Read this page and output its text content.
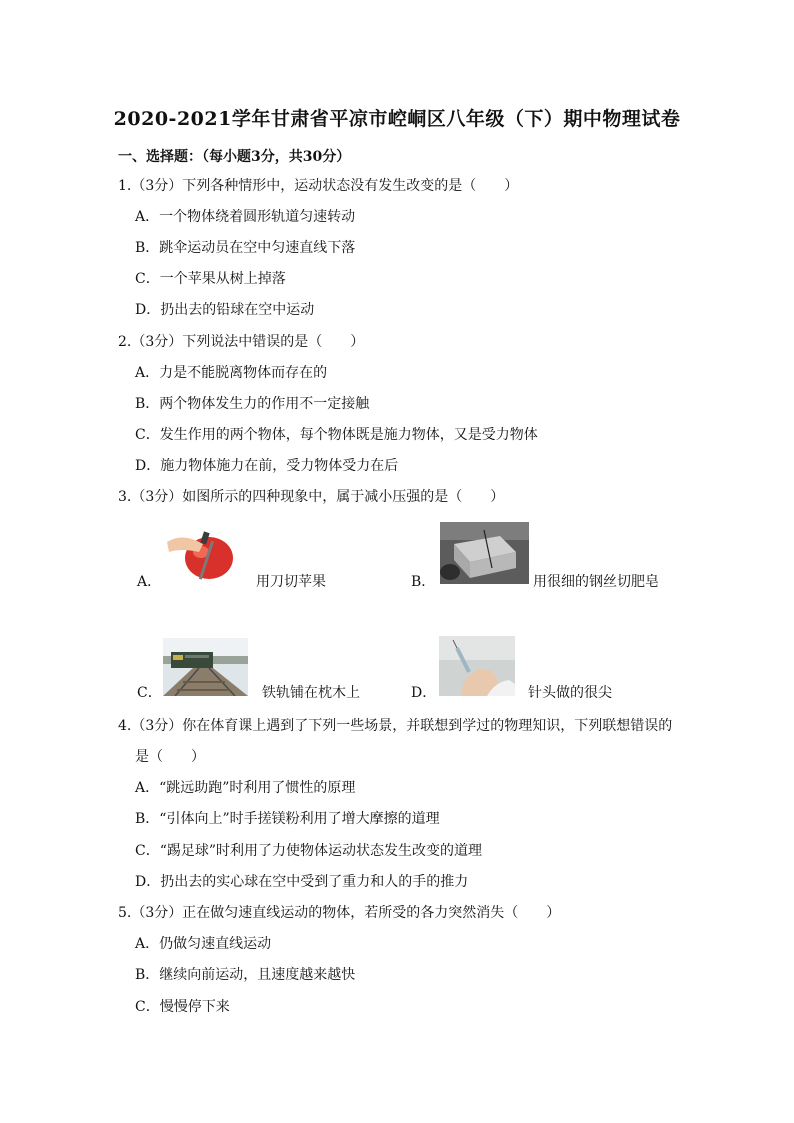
2020-2021学年甘肃省平凉市崆峒区八年级（下）期中物理试卷
一、选择题：（每小题3分，共30分）
1.（3分）下列各种情形中，运动状态没有发生改变的是（　　）
A．一个物体绕着圆形轨道匀速转动
B．跳伞运动员在空中匀速直线下落
C．一个苹果从树上掉落
D．扔出去的铅球在空中运动
2.（3分）下列说法中错误的是（　　）
A．力是不能脱离物体而存在的
B．两个物体发生力的作用不一定接触
C．发生作用的两个物体，每个物体既是施力物体，又是受力物体
D．施力物体施力在前，受力物体受力在后
3.（3分）如图所示的四种现象中，属于减小压强的是（　　）
A．	用刀切苹果	B．	用很细的钢丝切肥皂
C．	铁轨铺在枕木上	D．	针头做的很尖
4.（3分）你在体育课上遇到了下列一些场景，并联想到学过的物理知识，下列联想错误的
是（　　）
A．“跳远助跑”时利用了惯性的原理
B．“引体向上”时手搓镁粉利用了增大摩擦的道理
C．“踢足球”时利用了力使物体运动状态发生改变的道理
D．扔出去的实心球在空中受到了重力和人的手的推力
5.（3分）正在做匀速直线运动的物体，若所受的各力突然消失（　　）
A．仍做匀速直线运动
B．继续向前运动，且速度越来越快
C．慢慢停下来
